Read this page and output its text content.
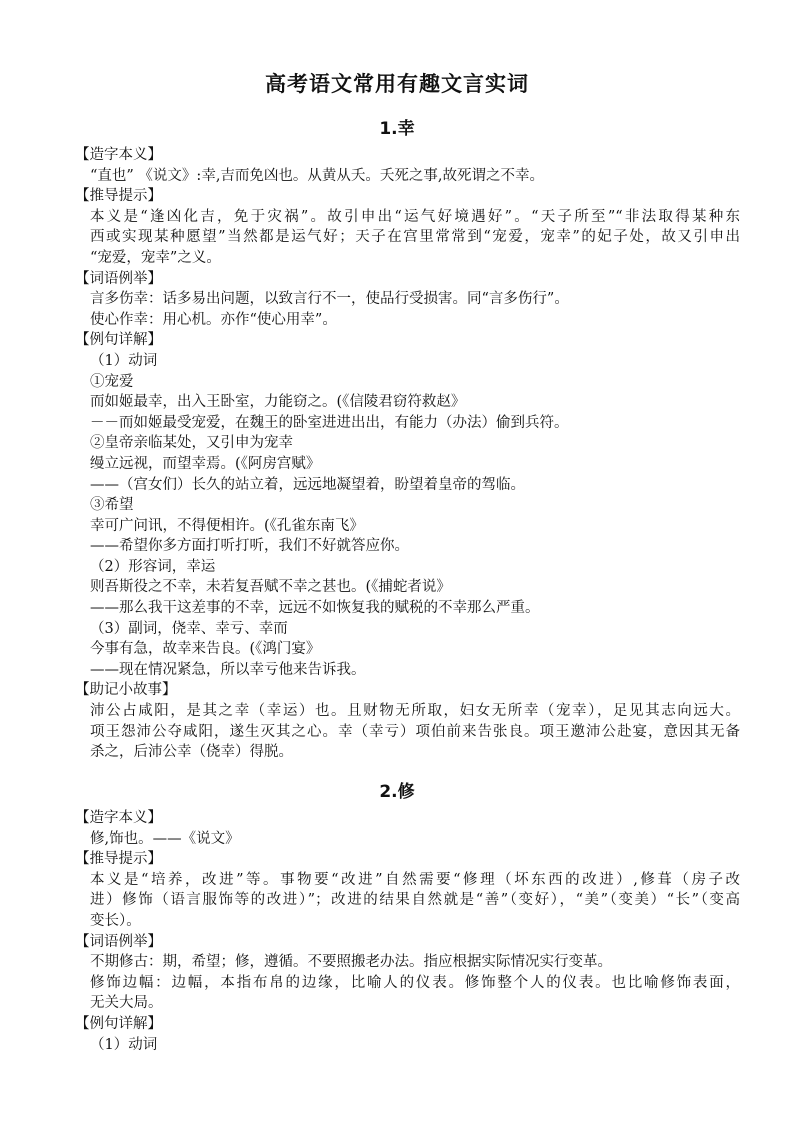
高考语文常用有趣文言实词
1.幸
【造字本义】
“直也” 《说文》:幸,吉而免凶也。从黄从夭。夭死之事,故死谓之不幸。
【推导提示】
本义是“逢凶化吉，免于灾祸”。故引申出“运气好境遇好”。“天子所至”“非法取得某种东
西或实现某种愿望”当然都是运气好；天子在宫里常常到“宠爱，宠幸”的妃子处，故又引申出
“宠爱，宠幸”之义。
【词语例举】
言多伤幸：话多易出问题，以致言行不一，使品行受损害。同“言多伤行”。
使心作幸：用心机。亦作“使心用幸”。
【例句详解】
（1）动词
①宠爱
而如姬最幸，出入王卧室，力能窃之。(《信陵君窃符救赵》
－－而如姬最受宠爱，在魏王的卧室进进出出，有能力（办法）偷到兵符。
②皇帝亲临某处，又引申为宠幸
缦立远视，而望幸焉。(《阿房宫赋》
——（宫女们）长久的站立着，远远地凝望着，盼望着皇帝的驾临。
③希望
幸可广问讯，不得便相许。(《孔雀东南飞》
——希望你多方面打听打听，我们不好就答应你。
（2）形容词，幸运
则吾斯役之不幸，未若复吾赋不幸之甚也。(《捕蛇者说》
——那么我干这差事的不幸，远远不如恢复我的赋税的不幸那么严重。
（3）副词，侥幸、幸亏、幸而
今事有急，故幸来告良。(《鸿门宴》
——现在情况紧急，所以幸亏他来告诉我。
【助记小故事】
沛公占咸阳，是其之幸（幸运）也。且财物无所取，妇女无所幸（宠幸），足见其志向远大。
项王怨沛公夺咸阳，遂生灭其之心。幸（幸亏）项伯前来告张良。项王邀沛公赴宴，意因其无备
杀之，后沛公幸（侥幸）得脱。
2.修
【造字本义】
修,饰也。——《说文》
【推导提示】
本义是“培养，改进”等。事物要“改进”自然需要“修理（坏东西的改进）,修葺（房子改
进）修饰（语言服饰等的改进）”；改进的结果自然就是“善”（变好），“美”（变美）“长”（变高
变长）。
【词语例举】
不期修古：期，希望；修，遵循。不要照搬老办法。指应根据实际情况实行变革。
修饰边幅：边幅，本指布帛的边缘，比喻人的仪表。修饰整个人的仪表。也比喻修饰表面，
无关大局。
【例句详解】
（1）动词
